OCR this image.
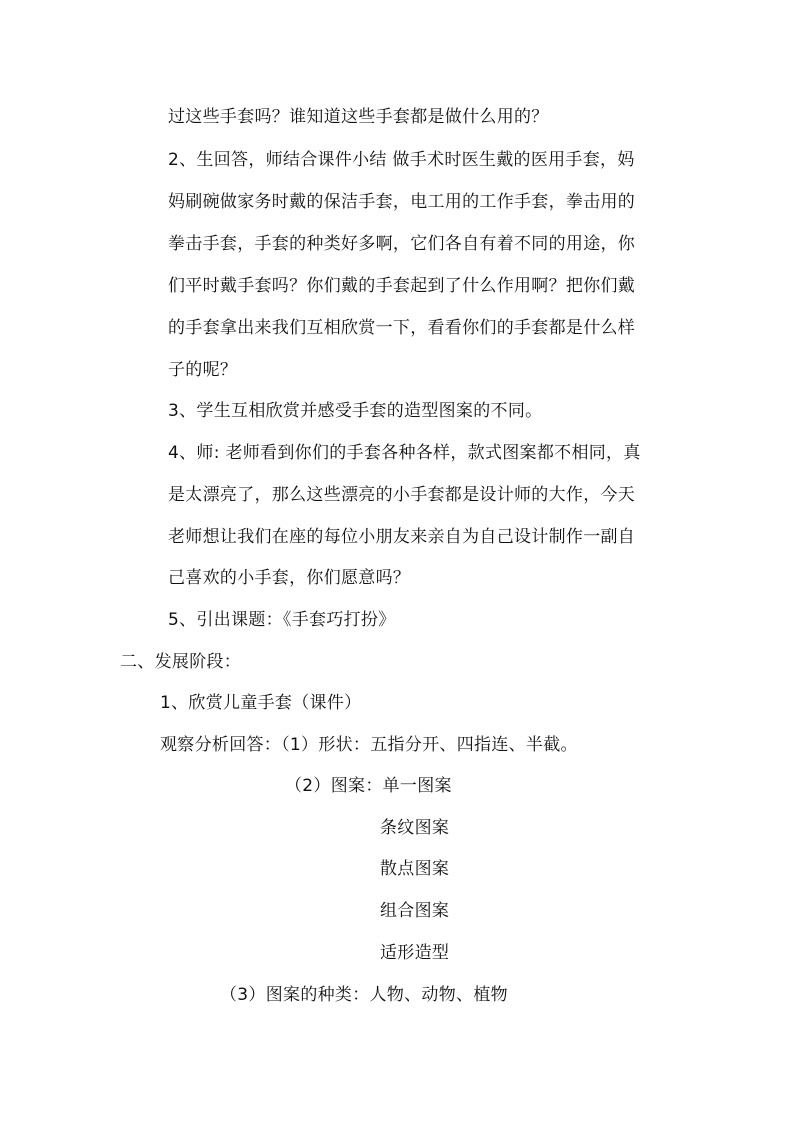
过这些手套吗？谁知道这些手套都是做什么用的？
2、生回答，师结合课件小结 做手术时医生戴的医用手套，妈
妈刷碗做家务时戴的保洁手套，电工用的工作手套，拳击用的
拳击手套，手套的种类好多啊，它们各自有着不同的用途，你
们平时戴手套吗？你们戴的手套起到了什么作用啊？把你们戴
的手套拿出来我们互相欣赏一下，看看你们的手套都是什么样
子的呢？
3、学生互相欣赏并感受手套的造型图案的不同。
4、师: 老师看到你们的手套各种各样，款式图案都不相同，真
是太漂亮了，那么这些漂亮的小手套都是设计师的大作，今天
老师想让我们在座的每位小朋友来亲自为自己设计制作一副自
己喜欢的小手套，你们愿意吗？
5、引出课题：《手套巧打扮》
二、发展阶段：
1、欣赏儿童手套（课件）
观察分析回答：（1）形状：五指分开、四指连、半截。
（2）图案：单一图案
条纹图案
散点图案
组合图案
适形造型
（3）图案的种类：人物、动物、植物
